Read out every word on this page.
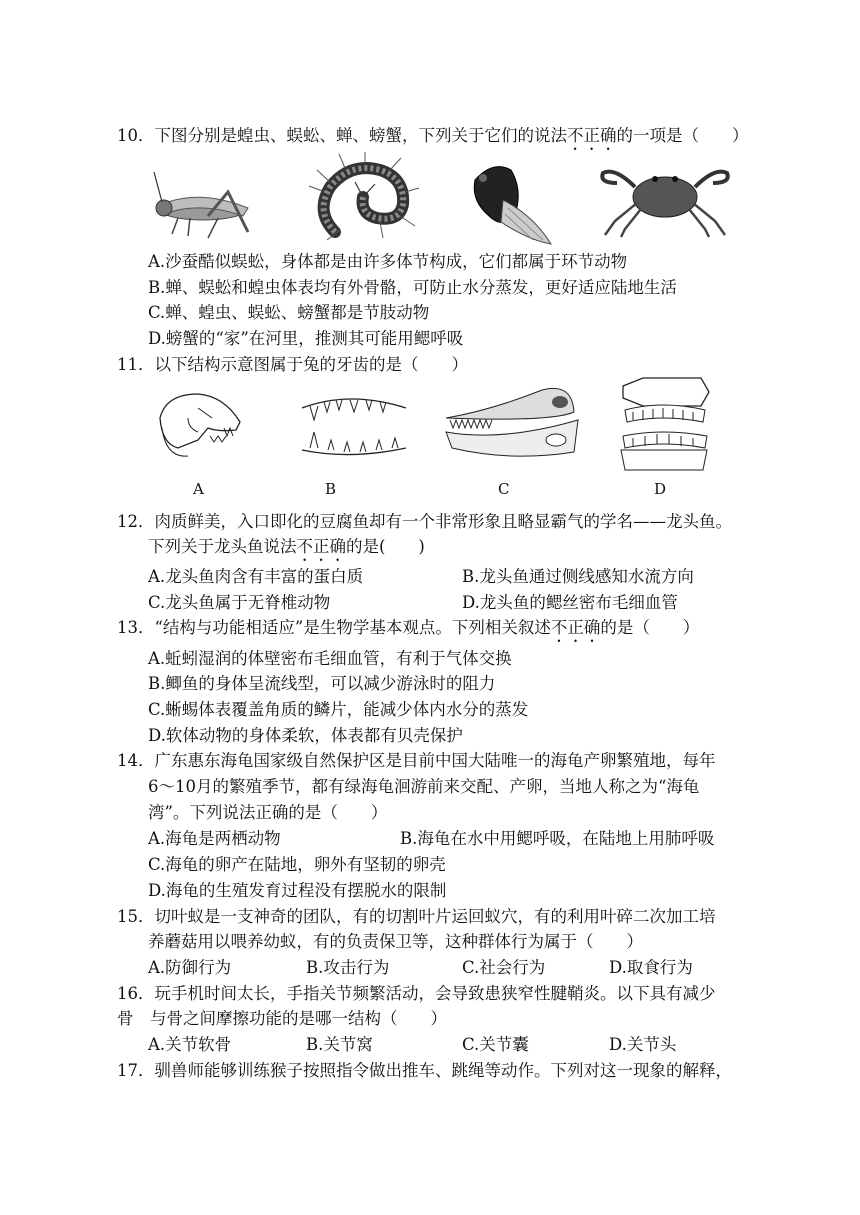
10．下图分别是蝗虫、蜈蚣、蝉、螃蟹，下列关于它们的说法不正确的一项是（　　）
A.沙蚕酷似蜈蚣，身体都是由许多体节构成，它们都属于环节动物
B.蝉、蜈蚣和蝗虫体表均有外骨骼，可防止水分蒸发，更好适应陆地生活
C.蝉、蝗虫、蜈蚣、螃蟹都是节肢动物
D.螃蟹的“家”在河里，推测其可能用鳃呼吸
11．以下结构示意图属于兔的牙齿的是（　　）
A	B	C	D
12．肉质鲜美，入口即化的豆腐鱼却有一个非常形象且略显霸气的学名——龙头鱼。
下列关于龙头鱼说法不正确的是(　　)
A.龙头鱼肉含有丰富的蛋白质	B.龙头鱼通过侧线感知水流方向
C.龙头鱼属于无脊椎动物	D.龙头鱼的鳃丝密布毛细血管
13．“结构与功能相适应”是生物学基本观点。下列相关叙述不正确的是（　　）
A.蚯蚓湿润的体壁密布毛细血管，有利于气体交换
B.鲫鱼的身体呈流线型，可以减少游泳时的阻力
C.蜥蜴体表覆盖角质的鳞片，能减少体内水分的蒸发
D.软体动物的身体柔软，体表都有贝壳保护
14．广东惠东海龟国家级自然保护区是目前中国大陆唯一的海龟产卵繁殖地，每年
6～10月的繁殖季节，都有绿海龟洄游前来交配、产卵，当地人称之为“海龟
湾”。下列说法正确的是（　　）
A.海龟是两栖动物	B.海龟在水中用鳃呼吸，在陆地上用肺呼吸
C.海龟的卵产在陆地，卵外有坚韧的卵壳
D.海龟的生殖发育过程没有摆脱水的限制
15．切叶蚁是一支神奇的团队，有的切割叶片运回蚁穴，有的利用叶碎二次加工培
养蘑菇用以喂养幼蚁，有的负责保卫等，这种群体行为属于（　　）
A.防御行为	B.攻击行为	C.社会行为	D.取食行为
16．玩手机时间太长，手指关节频繁活动，会导致患狭窄性腱鞘炎。以下具有减少
骨　与骨之间摩擦功能的是哪一结构（　　）
A.关节软骨	B.关节窝	C.关节囊	D.关节头
17．驯兽师能够训练猴子按照指令做出推车、跳绳等动作。下列对这一现象的解释，
